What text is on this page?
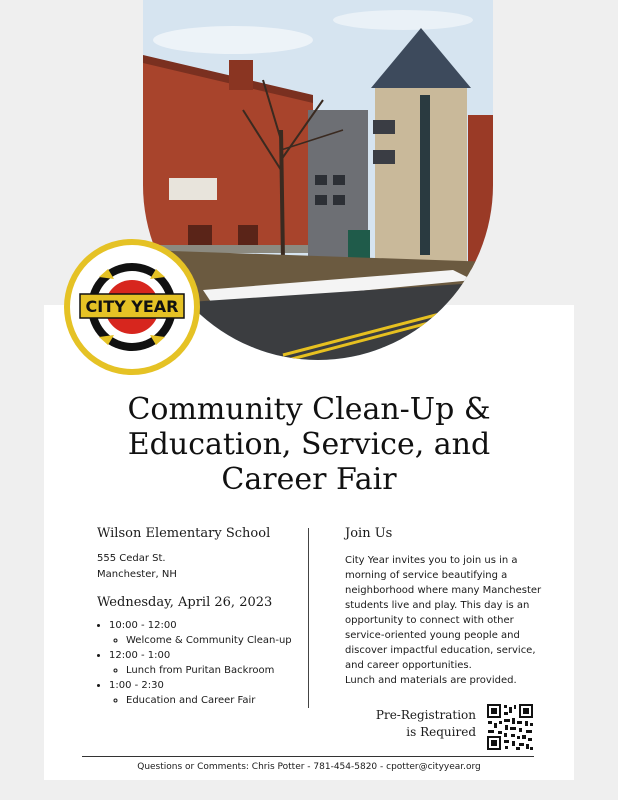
CITY YEAR
Community Clean-Up &
Education, Service, and
Career Fair
Wilson Elementary School
555 Cedar St.
Manchester, NH
Wednesday, April 26, 2023
• 10:00 - 12:00
◦ Welcome & Community Clean-up
• 12:00 - 1:00
◦ Lunch from Puritan Backroom
• 1:00 - 2:30
◦ Education and Career Fair
Join Us

City Year invites you to join us in a morning of service beautifying a neighborhood where many Manchester students live and play. This day is an opportunity to connect with other service-oriented young people and discover impactful education, service, and career opportunities.

Lunch and materials are provided.

Pre-Registration
is Required
Questions or Comments: Chris Potter - 781-454-5820 - cpotter@cityyear.org
